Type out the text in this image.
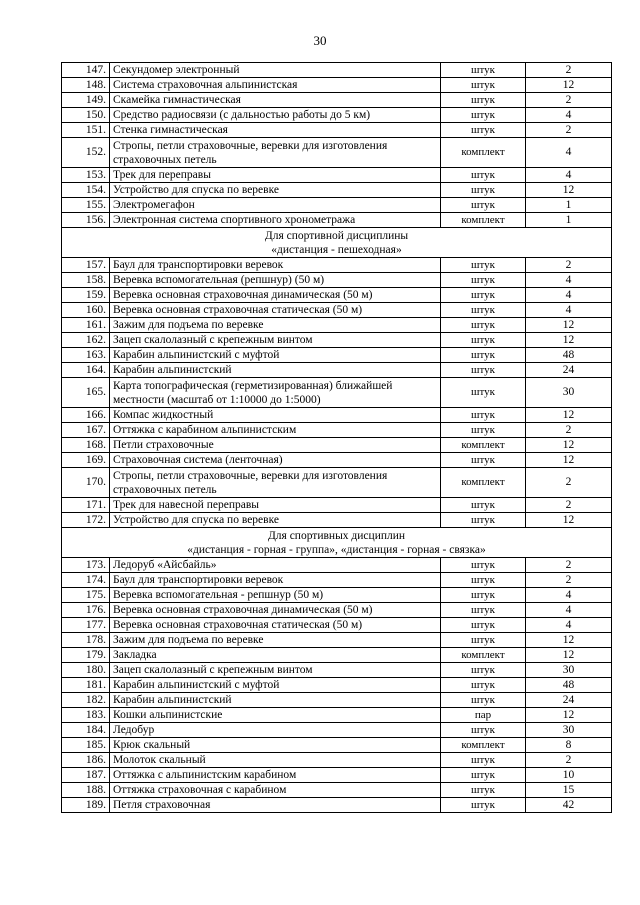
30
147.	Секундомер электронный	штук	2
148.	Система страховочная альпинистская	штук	12
149.	Скамейка гимнастическая	штук	2
150.	Средство радиосвязи (с дальностью работы до 5 км)	штук	4
151.	Стенка гимнастическая	штук	2
152.	Стропы, петли страховочные, веревки для изготовления страховочных петель	комплект	4
153.	Трек для переправы	штук	4
154.	Устройство для спуска по веревке	штук	12
155.	Электромегафон	штук	1
156.	Электронная система спортивного хронометража	комплект	1

Для спортивной дисциплины
«дистанция - пешеходная»			

157.	Баул для транспортировки веревок	штук	2
158.	Веревка вспомогательная (репшнур) (50 м)	штук	4
159.	Веревка основная страховочная динамическая (50 м)	штук	4
160.	Веревка основная страховочная статическая (50 м)	штук	4
161.	Зажим для подъема по веревке	штук	12
162.	Зацеп скалолазный с крепежным винтом	штук	12
163.	Карабин альпинистский с муфтой	штук	48
164.	Карабин альпинистский	штук	24
165.	Карта топографическая (герметизированная) ближайшей местности (масштаб от 1:10000 до 1:5000)	штук	30
166.	Компас жидкостный	штук	12
167.	Оттяжка с карабином альпинистским	штук	2
168.	Петли страховочные	комплект	12
169.	Страховочная система (ленточная)	штук	12
170.	Стропы, петли страховочные, веревки для изготовления страховочных петель	комплект	2
171.	Трек для навесной переправы	штук	2
172.	Устройство для спуска по веревке	штук	12

Для спортивных дисциплин
«дистанция - горная - группа», «дистанция - горная - связка»			

173.	Ледоруб «Айсбайль»	штук	2
174.	Баул для транспортировки веревок	штук	2
175.	Веревка вспомогательная - репшнур (50 м)	штук	4
176.	Веревка основная страховочная динамическая (50 м)	штук	4
177.	Веревка основная страховочная статическая (50 м)	штук	4
178.	Зажим для подъема по веревке	штук	12
179.	Закладка	комплект	12
180.	Зацеп скалолазный с крепежным винтом	штук	30
181.	Карабин альпинистский с муфтой	штук	48
182.	Карабин альпинистский	штук	24
183.	Кошки альпинистские	пар	12
184.	Ледобур	штук	30
185.	Крюк скальный	комплект	8
186.	Молоток скальный	штук	2
187.	Оттяжка с альпинистским карабином	штук	10
188.	Оттяжка страховочная с карабином	штук	15
189.	Петля страховочная	штук	42
